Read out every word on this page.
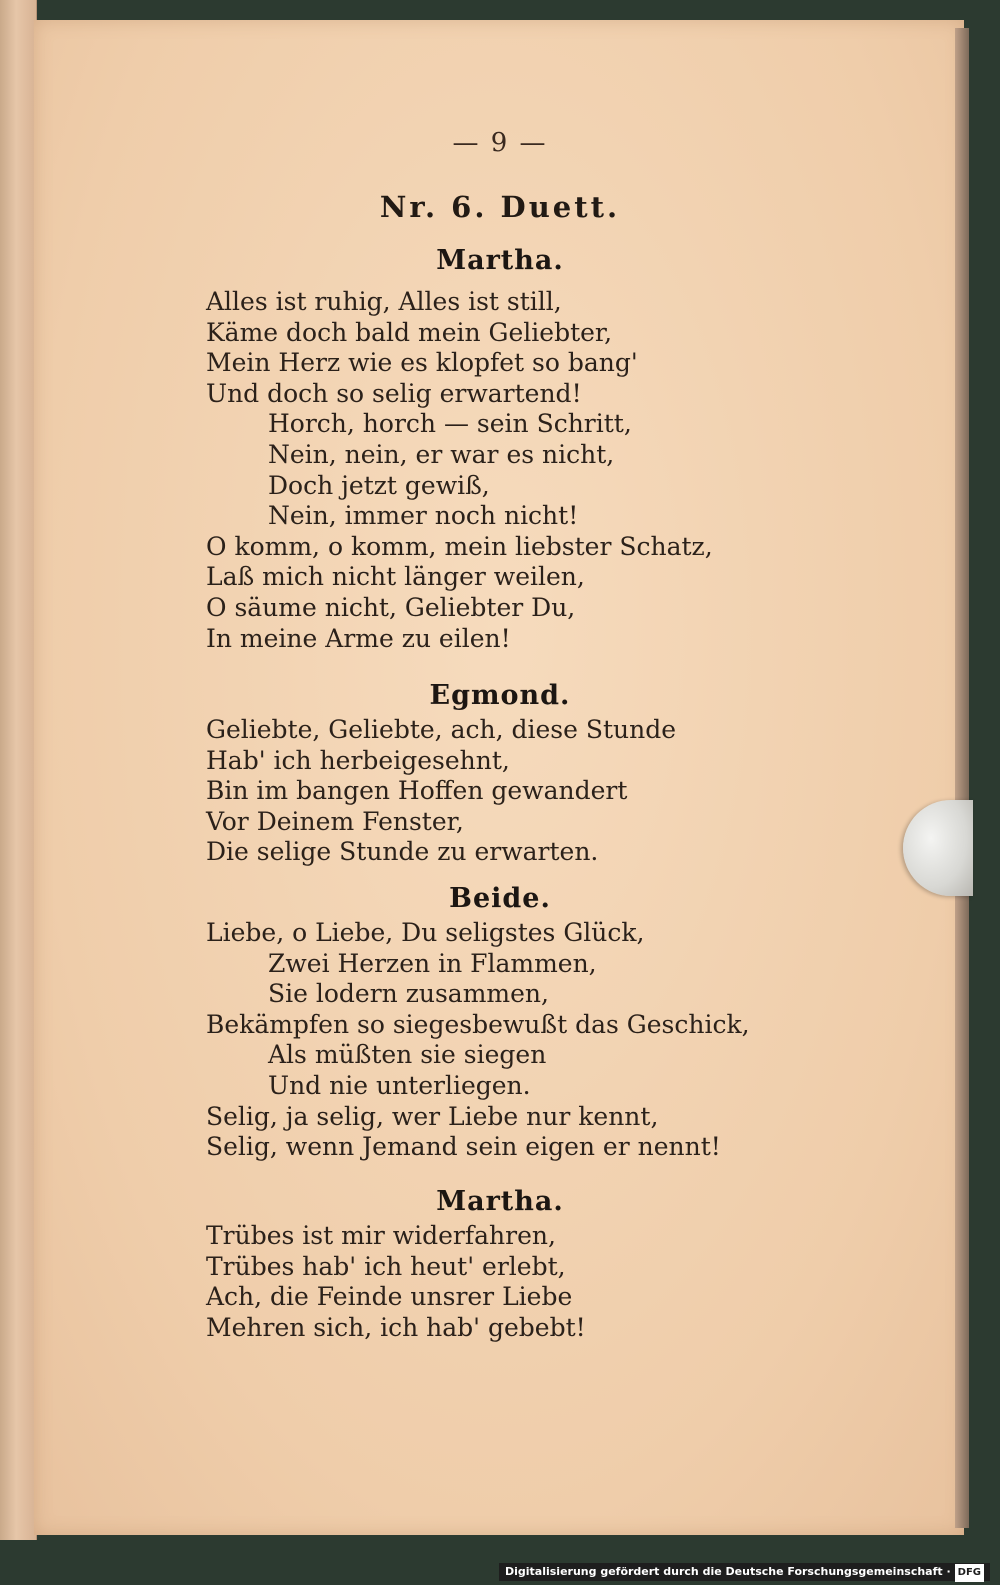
— 9 —
Nr. 6. Duett.
Martha.
Alles ist ruhig, Alles ist still,
Käme doch bald mein Geliebter,
Mein Herz wie es klopfet so bang'
Und doch so selig erwartend!
Horch, horch — sein Schritt,
Nein, nein, er war es nicht,
Doch jetzt gewiß,
Nein, immer noch nicht!
O komm, o komm, mein liebster Schatz,
Laß mich nicht länger weilen,
O säume nicht, Geliebter Du,
In meine Arme zu eilen!
Egmond.
Geliebte, Geliebte, ach, diese Stunde
Hab' ich herbeigesehnt,
Bin im bangen Hoffen gewandert
Vor Deinem Fenster,
Die selige Stunde zu erwarten.
Beide.
Liebe, o Liebe, Du seligstes Glück,
Zwei Herzen in Flammen,
Sie lodern zusammen,
Bekämpfen so siegesbewußt das Geschick,
Als müßten sie siegen
Und nie unterliegen.
Selig, ja selig, wer Liebe nur kennt,
Selig, wenn Jemand sein eigen er nennt!
Martha.
Trübes ist mir widerfahren,
Trübes hab' ich heut' erlebt,
Ach, die Feinde unsrer Liebe
Mehren sich, ich hab' gebebt!
Digitalisierung gefördert durch die Deutsche Forschungsgemeinschaft · DFG
